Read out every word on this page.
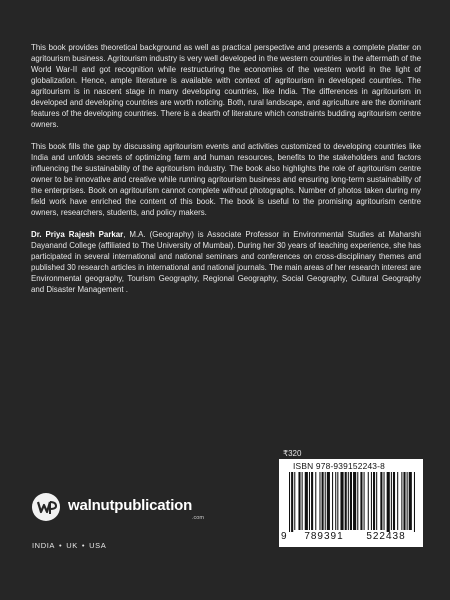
This book provides theoretical background as well as practical perspective and presents a complete platter on agritourism business. Agritourism industry is very well developed in the western countries in the aftermath of the World War-II and got recognition while restructuring the economies of the western world in the light of globalization. Hence, ample literature is available with context of agritourism in developed countries. The agritourism is in nascent stage in many developing countries, like India. The differences in agritourism in developed and developing countries are worth noticing. Both, rural landscape, and agriculture are the dominant features of the developing countries. There is a dearth of literature which constraints budding agritourism centre owners.

This book fills the gap by discussing agritourism events and activities customized to developing countries like India and unfolds secrets of optimizing farm and human resources, benefits to the stakeholders and factors influencing the sustainability of the agritourism industry. The book also highlights the role of agritourism centre owner to be innovative and creative while running agritourism business and ensuring long-term sustainability of the enterprises. Book on agritourism cannot complete without photographs. Number of photos taken during my field work have enriched the content of this book. The book is useful to the promising agritourism centre owners, researchers, students, and policy makers.

Dr. Priya Rajesh Parkar, M.A. (Geography) is Associate Professor in Environmental Studies at Maharshi Dayanand College (affiliated to The University of Mumbai). During her 30 years of teaching experience, she has participated in several international and national seminars and conferences on cross-disciplinary themes and published 30 research articles in international and national journals. The main areas of her research interest are Environmental geography, Tourism Geography, Regional Geography, Social Geography, Cultural Geography and Disaster Management .

₹320
ISBN 978-939152243-8
9	789391	522438
walnutpublication
.com
INDIA • UK • USA
